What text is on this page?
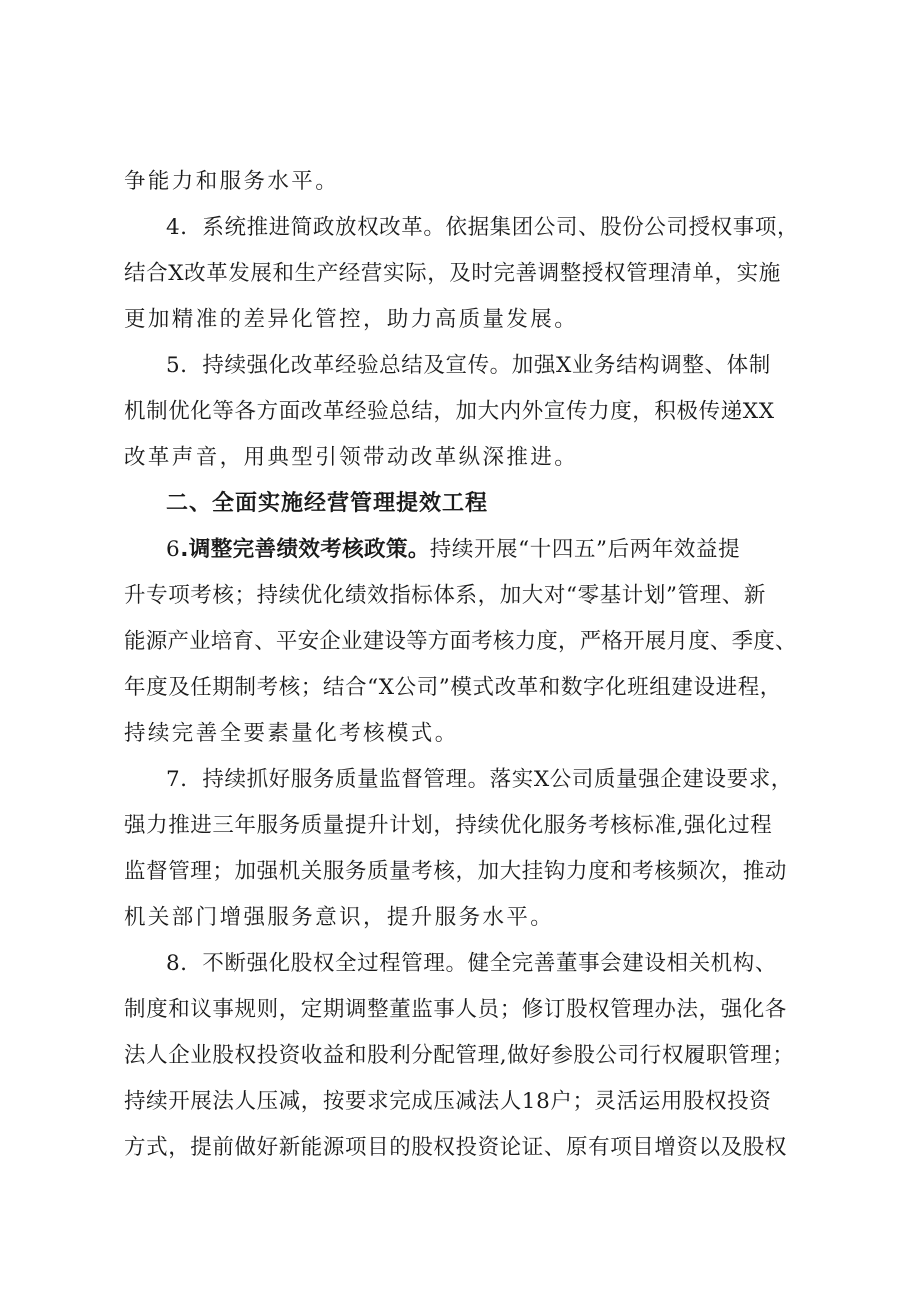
争能力和服务水平。
4．系统推进简政放权改革。依据集团公司、股份公司授权事项，
结合X改革发展和生产经营实际，及时完善调整授权管理清单，实施
更加精准的差异化管控，助力高质量发展。
5．持续强化改革经验总结及宣传。加强X业务结构调整、体制
机制优化等各方面改革经验总结，加大内外宣传力度，积极传递XX
改革声音，用典型引领带动改革纵深推进。
二、全面实施经营管理提效工程
6.调整完善绩效考核政策。持续开展“十四五”后两年效益提
升专项考核；持续优化绩效指标体系，加大对“零基计划”管理、新
能源产业培育、平安企业建设等方面考核力度，严格开展月度、季度、
年度及任期制考核；结合“X公司”模式改革和数字化班组建设进程，
持续完善全要素量化考核模式。
7．持续抓好服务质量监督管理。落实X公司质量强企建设要求，
强力推进三年服务质量提升计划，持续优化服务考核标准,强化过程
监督管理；加强机关服务质量考核，加大挂钩力度和考核频次，推动
机关部门增强服务意识，提升服务水平。
8．不断强化股权全过程管理。健全完善董事会建设相关机构、
制度和议事规则，定期调整董监事人员；修订股权管理办法，强化各
法人企业股权投资收益和股利分配管理,做好参股公司行权履职管理；
持续开展法人压减，按要求完成压减法人18户；灵活运用股权投资
方式，提前做好新能源项目的股权投资论证、原有项目增资以及股权
